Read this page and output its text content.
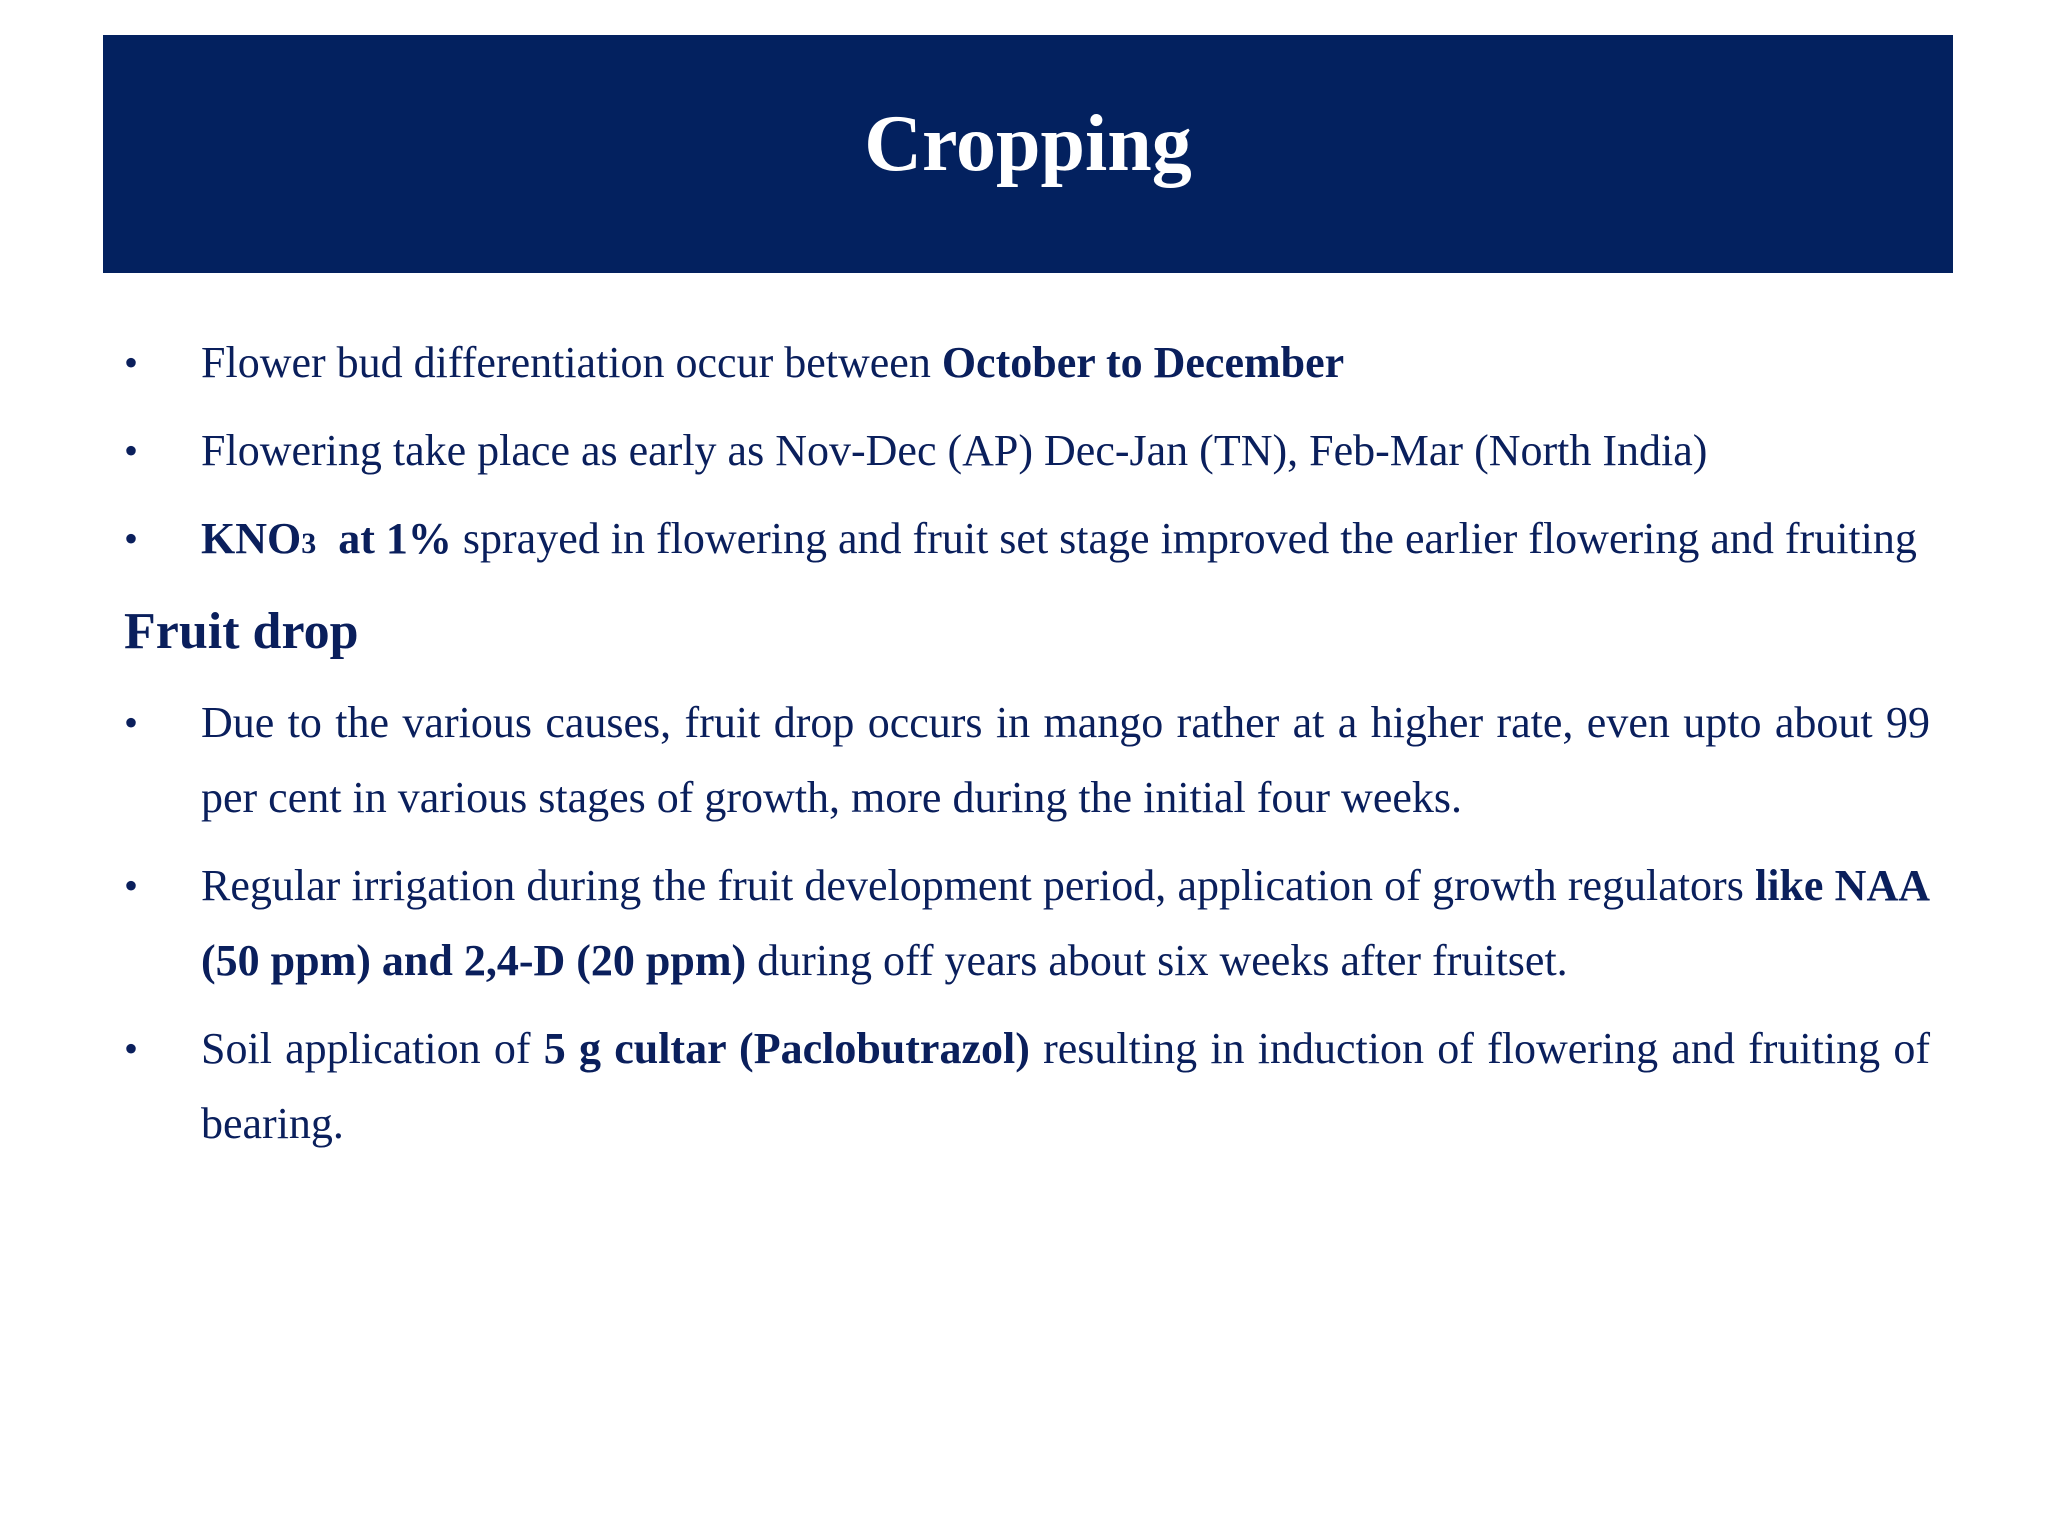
Cropping
• Flower bud differentiation occur between October to December
• Flowering take place as early as Nov-Dec (AP) Dec-Jan (TN), Feb-Mar (North India)
• KNO3 at 1% sprayed in flowering and fruit set stage improved the earlier flowering and fruiting
Fruit drop
• Due to the various causes, fruit drop occurs in mango rather at a higher rate, even upto about 99 per cent in various stages of growth, more during the initial four weeks.
• Regular irrigation during the fruit development period, application of growth regulators like NAA (50 ppm) and 2,4-D (20 ppm) during off years about six weeks after fruitset.
• Soil application of 5 g cultar (Paclobutrazol) resulting in induction of flowering and fruiting of bearing.
